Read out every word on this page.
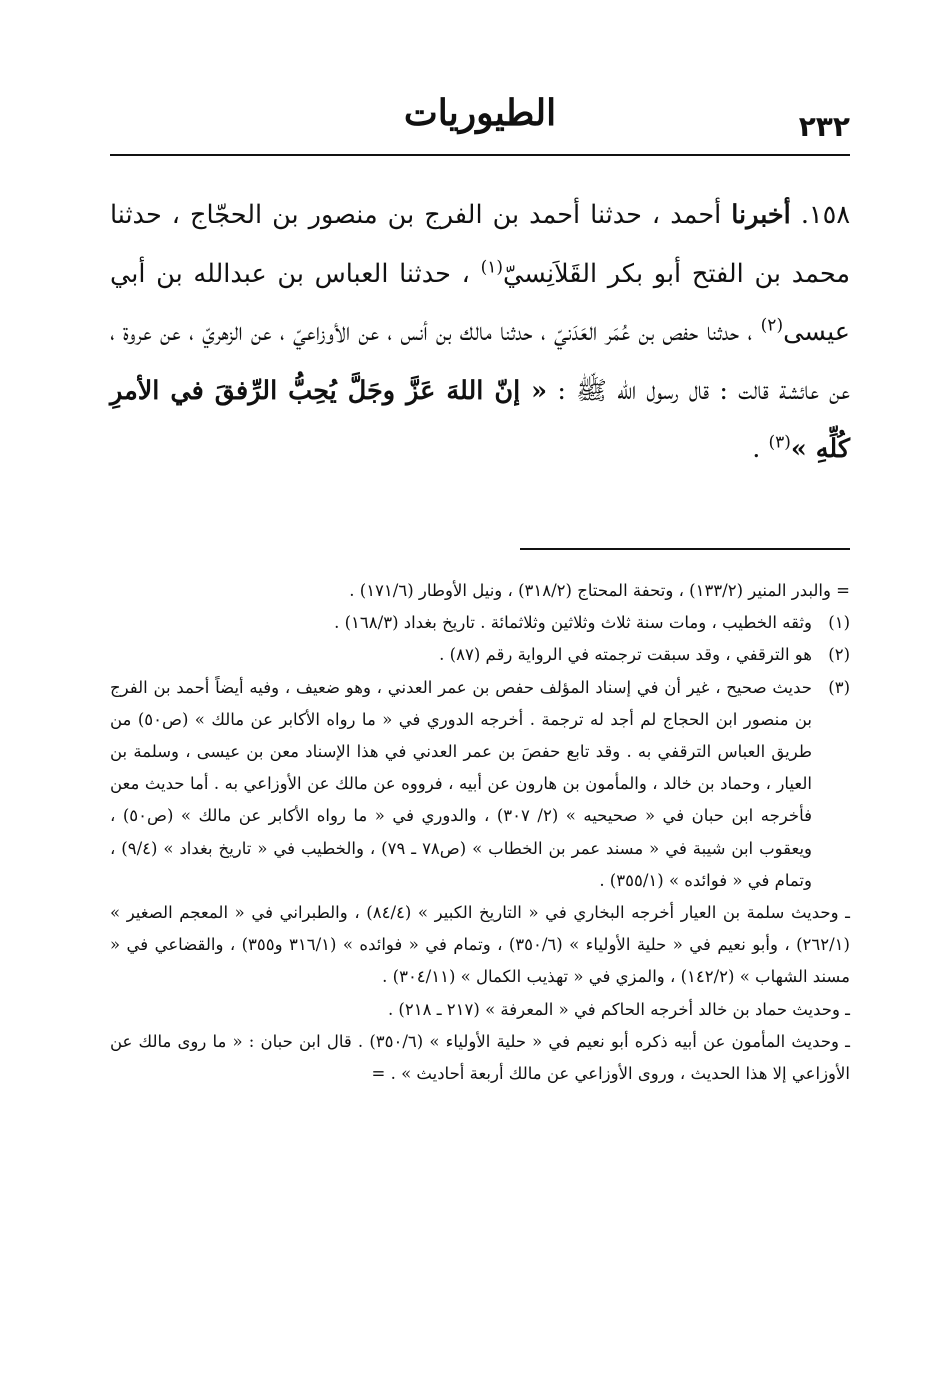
٢٣٢
الطيوريات
١٥٨. أخبرنا أحمد ، حدثنا أحمد بن الفرج بن منصور بن الحجّاج ، حدثنا محمد بن الفتح أبو بكر القَلاَنِسيّ$^{(١)}$ ، حدثنا العباس بن عبدالله بن أبي عيسى$^{(٢)}$ ، حدثنا حفص بن عُمَر العَدَنيّ ، حدثنا مالك بن أنس ، عن الأوزاعيّ ، عن الزهريّ ، عن عروة ، عن عائشة قالت : قال رسول الله ﷺ : « إنّ اللهَ عَزَّ وجَلَّ يُحِبُّ الرِّفقَ في الأمرِ كُلِّهِ »$^{(٣)}$ .
= والبدر المنير (١٣٣/٢) ، وتحفة المحتاج (٣١٨/٢) ، ونيل الأوطار (١٧١/٦) .
(١)
وثقه الخطيب ، ومات سنة ثلاث وثلاثين وثلاثمائة . تاريخ بغداد (١٦٨/٣) .
(٢)
هو الترقفي ، وقد سبقت ترجمته في الرواية رقم (٨٧) .
(٣)
حديث صحيح ، غير أن في إسناد المؤلف حفص بن عمر العدني ، وهو ضعيف ، وفيه أيضاً أحمد بن الفرج بن منصور ابن الحجاج لم أجد له ترجمة . أخرجه الدوري في « ما رواه الأكابر عن مالك » (ص٥٠) من طريق العباس الترقفي به . وقد تابع حفصَ بن عمر العدني في هذا الإسناد معن بن عيسى ، وسلمة بن العيار ، وحماد بن خالد ، والمأمون بن هارون عن أبيه ، فرووه عن مالك عن الأوزاعي به . أما حديث معن فأخرجه ابن حبان في « صحيحيه » (٢/ ٣٠٧) ، والدوري في « ما رواه الأكابر عن مالك » (ص٥٠) ، ويعقوب ابن شيبة في « مسند عمر بن الخطاب » (ص٧٨ ـ ٧٩) ، والخطيب في « تاريخ بغداد » (٩/٤) ، وتمام في « فوائده » (٣٥٥/١) .
ـ وحديث سلمة بن العيار أخرجه البخاري في « التاريخ الكبير » (٨٤/٤) ، والطبراني في « المعجم الصغير » (٢٦٢/١) ، وأبو نعيم في « حلية الأولياء » (٣٥٠/٦) ، وتمام في « فوائده » (٣١٦/١ و٣٥٥) ، والقضاعي في « مسند الشهاب » (١٤٢/٢) ، والمزي في « تهذيب الكمال » (٣٠٤/١١) .
ـ وحديث حماد بن خالد أخرجه الحاكم في « المعرفة » (٢١٧ ـ ٢١٨) .
ـ وحديث المأمون عن أبيه ذكره أبو نعيم في « حلية الأولياء » (٣٥٠/٦) . قال ابن حبان : « ما روى مالك عن الأوزاعي إلا هذا الحديث ، وروى الأوزاعي عن مالك أربعة أحاديث » . =
